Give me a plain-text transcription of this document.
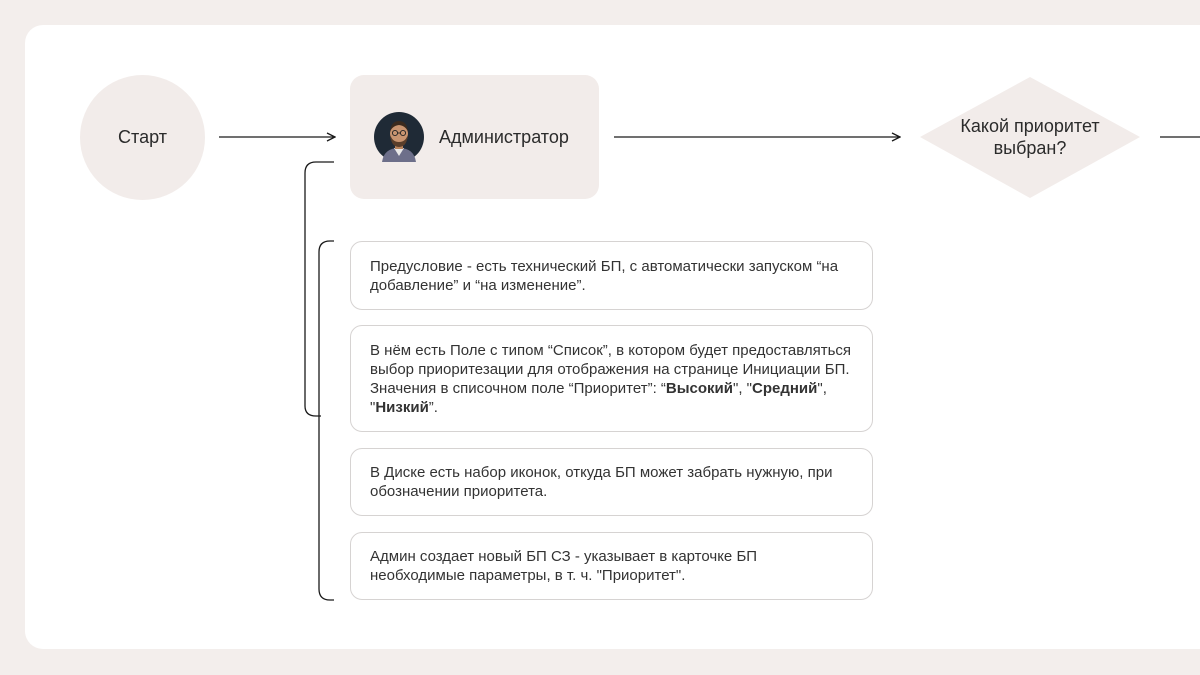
Старт	Администратор
Какой приоритет выбран?
Предусловие - есть технический БП, с автоматически запуском “на добавление” и “на изменение”.
В нём есть Поле с типом “Список”, в котором будет предоставляться выбор приоритезации для отображения на странице Инициации БП. Значения в списочном поле “Приоритет”: “Высокий", "Средний", "Низкий”.
В Диске есть набор иконок, откуда БП может забрать нужную, при обозначении приоритета.
Админ создает новый БП СЗ - указывает в карточке БП необходимые параметры, в т. ч. "Приоритет".
